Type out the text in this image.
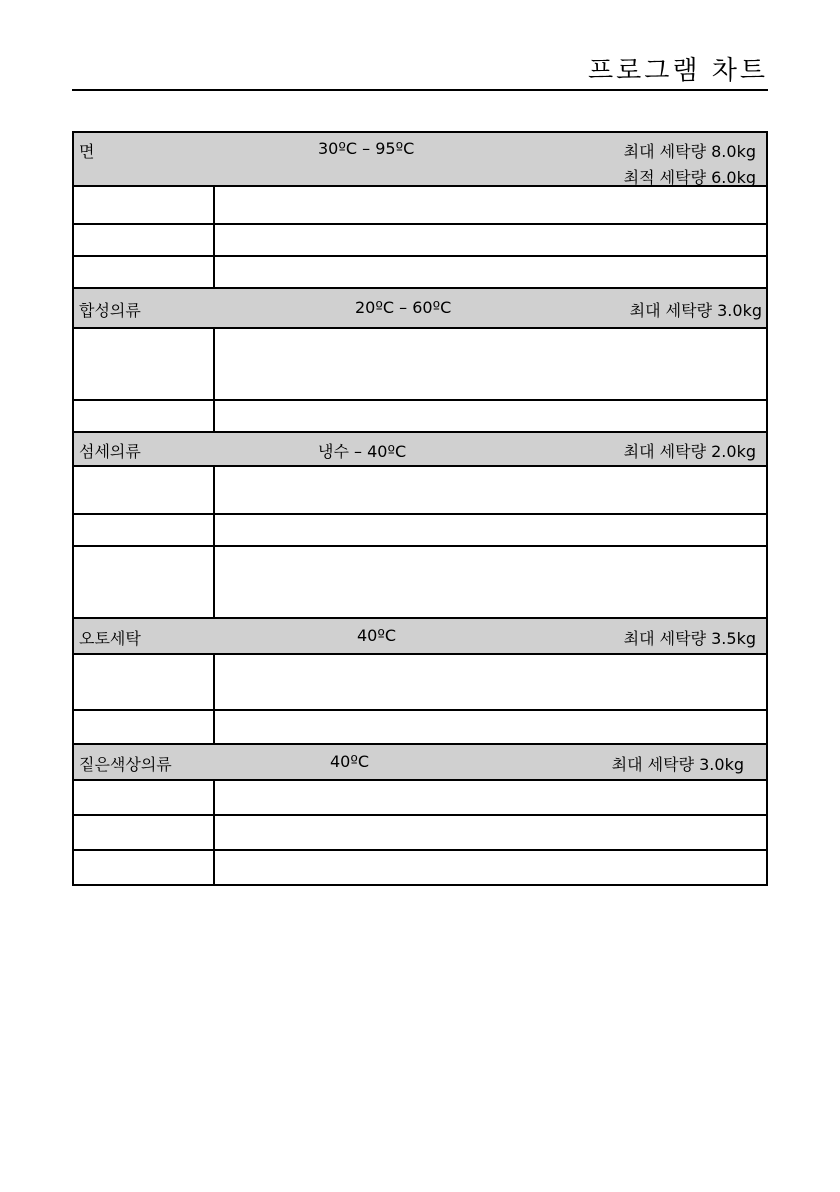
프로그램 차트
면 30ºC – 95ºC 최대 세탁량 8.0kg
최적 세탁량 6.0kg	

합성의류 20ºC – 60ºC 최대 세탁량 3.0kg	

섬세의류 냉수 – 40ºC 최대 세탁량 2.0kg	

오토세탁 40ºC 최대 세탁량 3.5kg	

짙은색상의류 40ºC 최대 세탁량 3.0kg	
